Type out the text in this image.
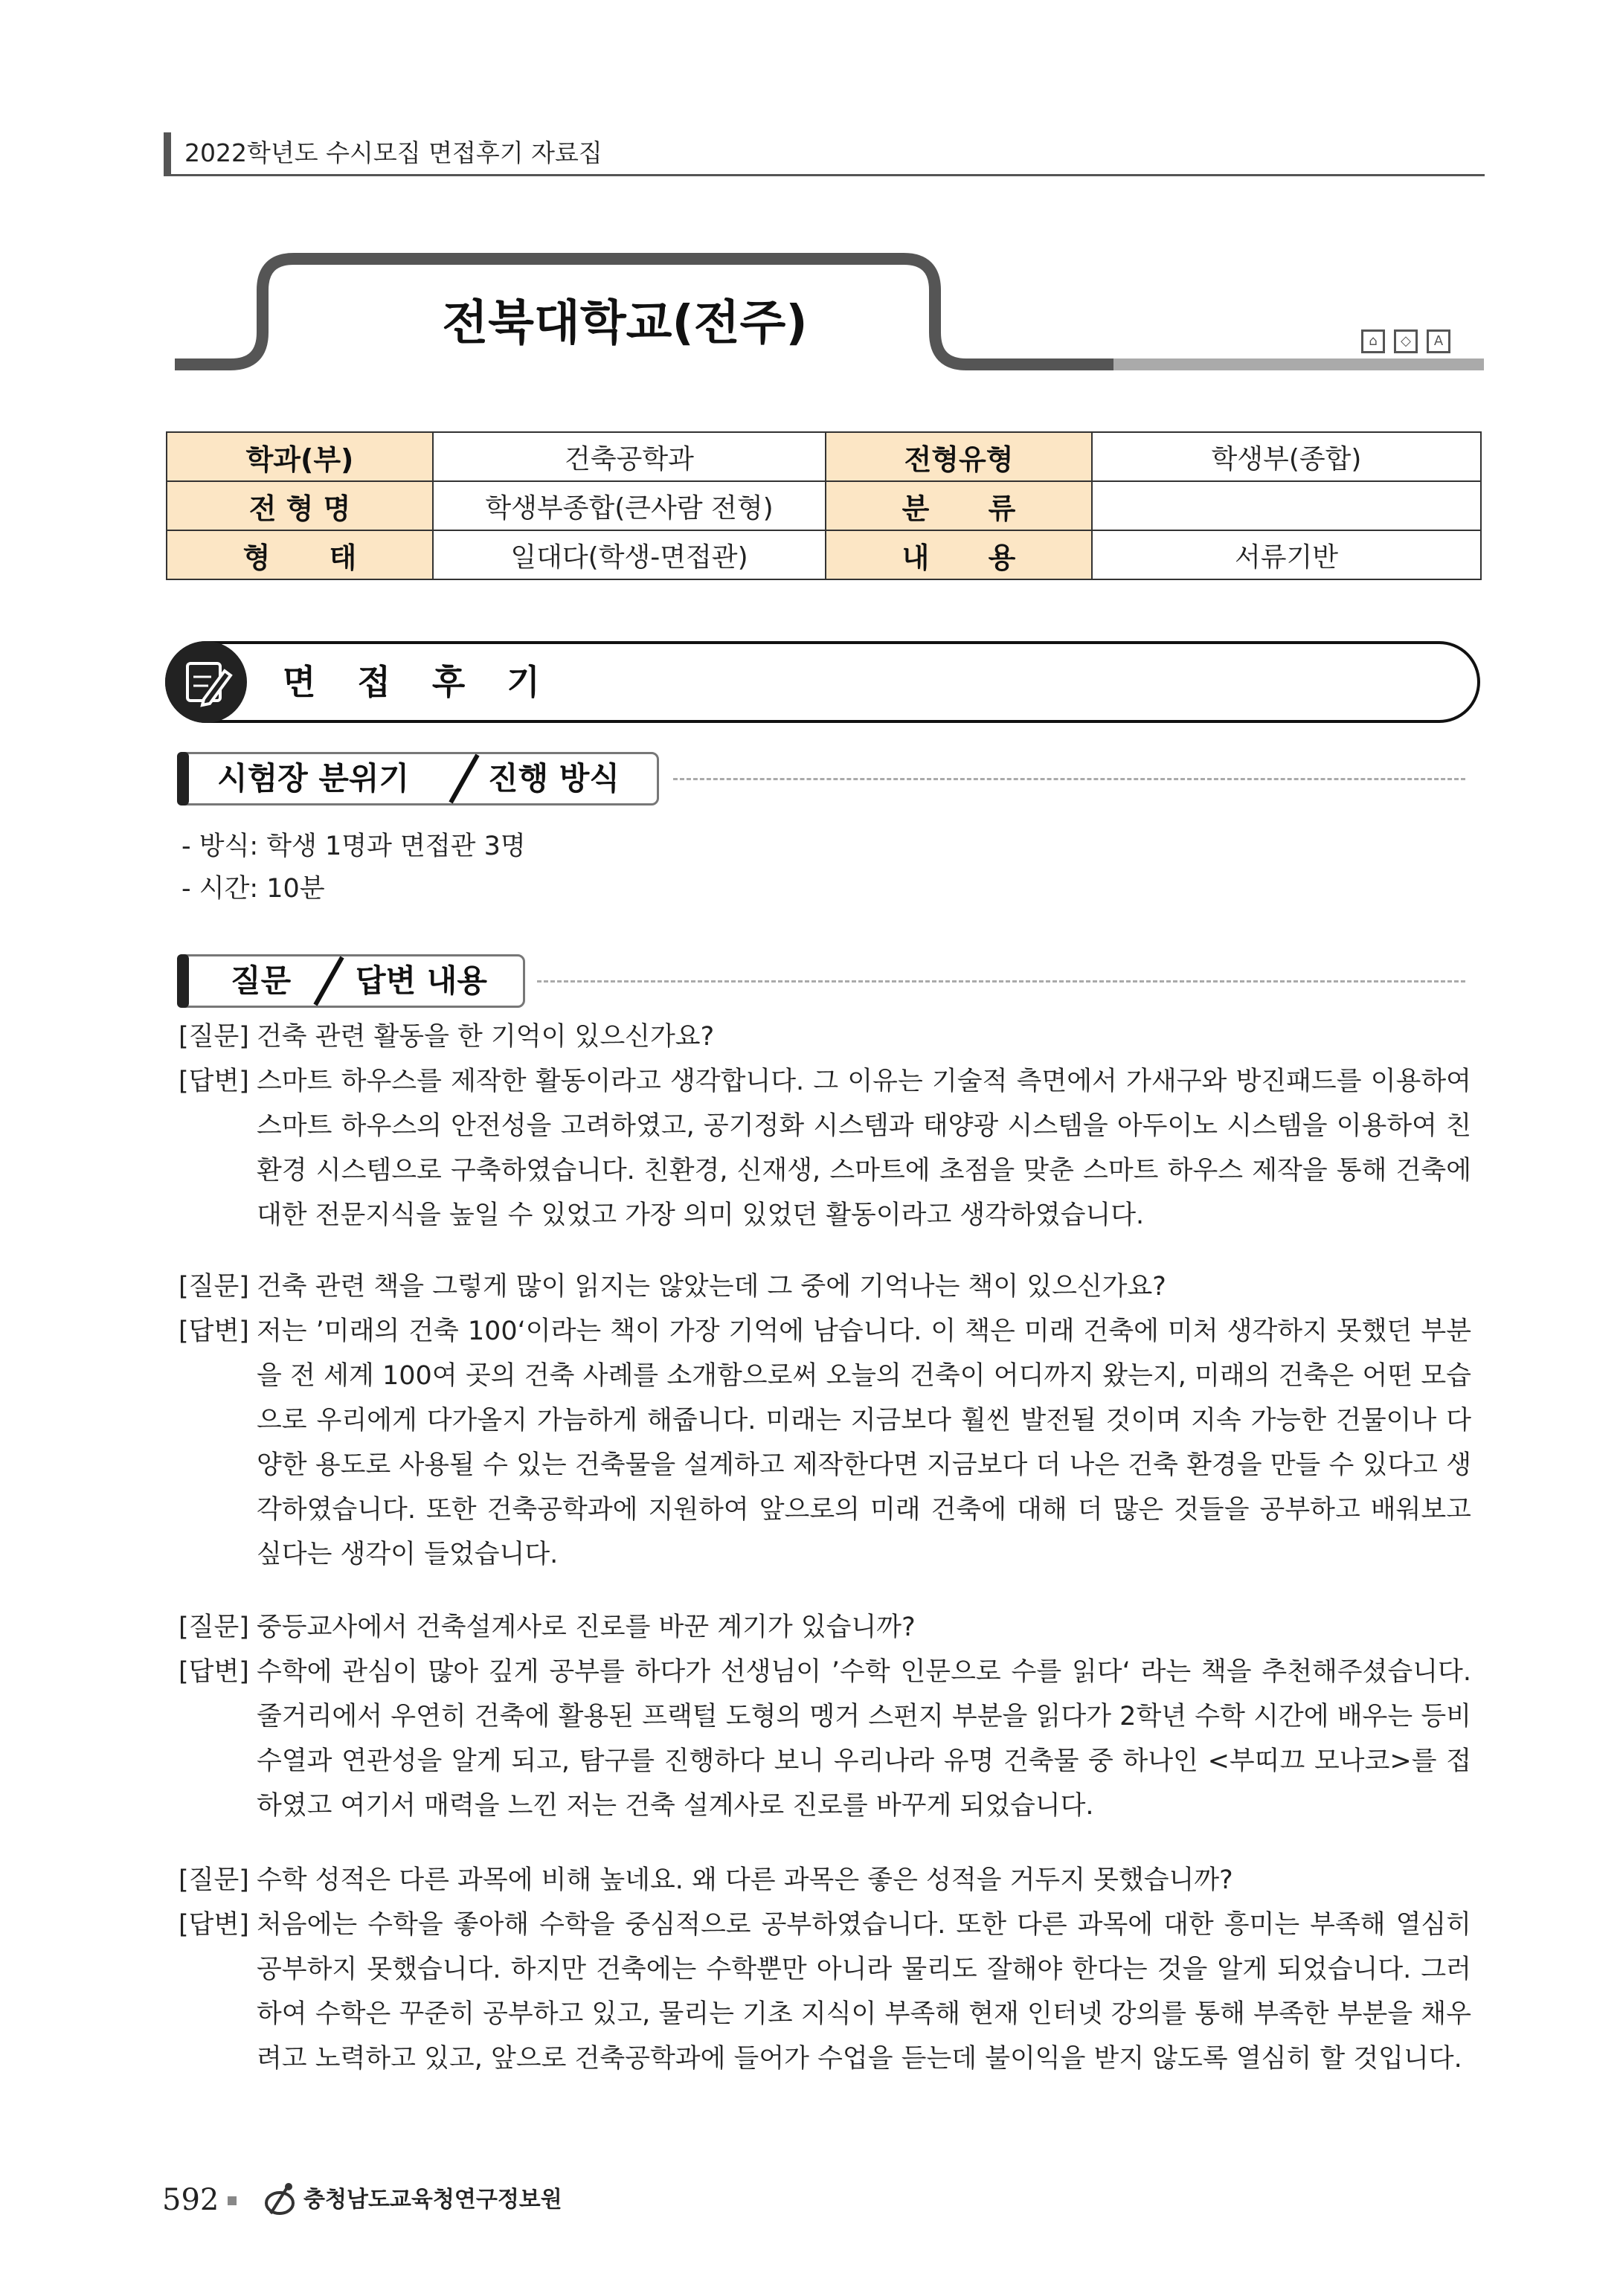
2022학년도 수시모집 면접후기 자료집
전북대학교(전주)	⌂	◇	A
학과(부)	건축공학과	전형유형	학생부(종합)
전 형 명	학생부종합(큰사람 전형)	분      류	
형      태	일대다(학생-면접관)	내      용	서류기반
면 접 후 기
시험장 분위기	진행 방식
- 방식: 학생 1명과 면접관 3명
- 시간: 10분
질문 답변 내용
[질문] 건축 관련 활동을 한 기억이 있으신가요?
[답변] 스마트 하우스를 제작한 활동이라고 생각합니다. 그 이유는 기술적 측면에서 가새구와 방진패드를 이용하여 스마트 하우스의 안전성을 고려하였고, 공기정화 시스템과 태양광 시스템을 아두이노 시스템을 이용하여 친환경 시스템으로 구축하였습니다. 친환경, 신재생, 스마트에 초점을 맞춘 스마트 하우스 제작을 통해 건축에 대한 전문지식을 높일 수 있었고 가장 의미 있었던 활동이라고 생각하였습니다.
[질문] 건축 관련 책을 그렇게 많이 읽지는 않았는데 그 중에 기억나는 책이 있으신가요?
[답변] 저는 ’미래의 건축 100‘이라는 책이 가장 기억에 남습니다. 이 책은 미래 건축에 미처 생각하지 못했던 부분을 전 세계 100여 곳의 건축 사례를 소개함으로써 오늘의 건축이 어디까지 왔는지, 미래의 건축은 어떤 모습으로 우리에게 다가올지 가늠하게 해줍니다. 미래는 지금보다 훨씬 발전될 것이며 지속 가능한 건물이나 다양한 용도로 사용될 수 있는 건축물을 설계하고 제작한다면 지금보다 더 나은 건축 환경을 만들 수 있다고 생각하였습니다. 또한 건축공학과에 지원하여 앞으로의 미래 건축에 대해 더 많은 것들을 공부하고 배워보고 싶다는 생각이 들었습니다.
[질문] 중등교사에서 건축설계사로 진로를 바꾼 계기가 있습니까?
[답변] 수학에 관심이 많아 깊게 공부를 하다가 선생님이 ’수학 인문으로 수를 읽다‘ 라는 책을 추천해주셨습니다. 줄거리에서 우연히 건축에 활용된 프랙털 도형의 멩거 스펀지 부분을 읽다가 2학년 수학 시간에 배우는 등비수열과 연관성을 알게 되고, 탐구를 진행하다 보니 우리나라 유명 건축물 중 하나인 <부띠끄 모나코>를 접하였고 여기서 매력을 느낀 저는 건축 설계사로 진로를 바꾸게 되었습니다.
[질문] 수학 성적은 다른 과목에 비해 높네요. 왜 다른 과목은 좋은 성적을 거두지 못했습니까?
[답변] 처음에는 수학을 좋아해 수학을 중심적으로 공부하였습니다. 또한 다른 과목에 대한 흥미는 부족해 열심히 공부하지 못했습니다. 하지만 건축에는 수학뿐만 아니라 물리도 잘해야 한다는 것을 알게 되었습니다. 그러하여 수학은 꾸준히 공부하고 있고, 물리는 기초 지식이 부족해 현재 인터넷 강의를 통해 부족한 부분을 채우려고 노력하고 있고, 앞으로 건축공학과에 들어가 수업을 듣는데 불이익을 받지 않도록 열심히 할 것입니다.
592	충청남도교육청연구정보원
